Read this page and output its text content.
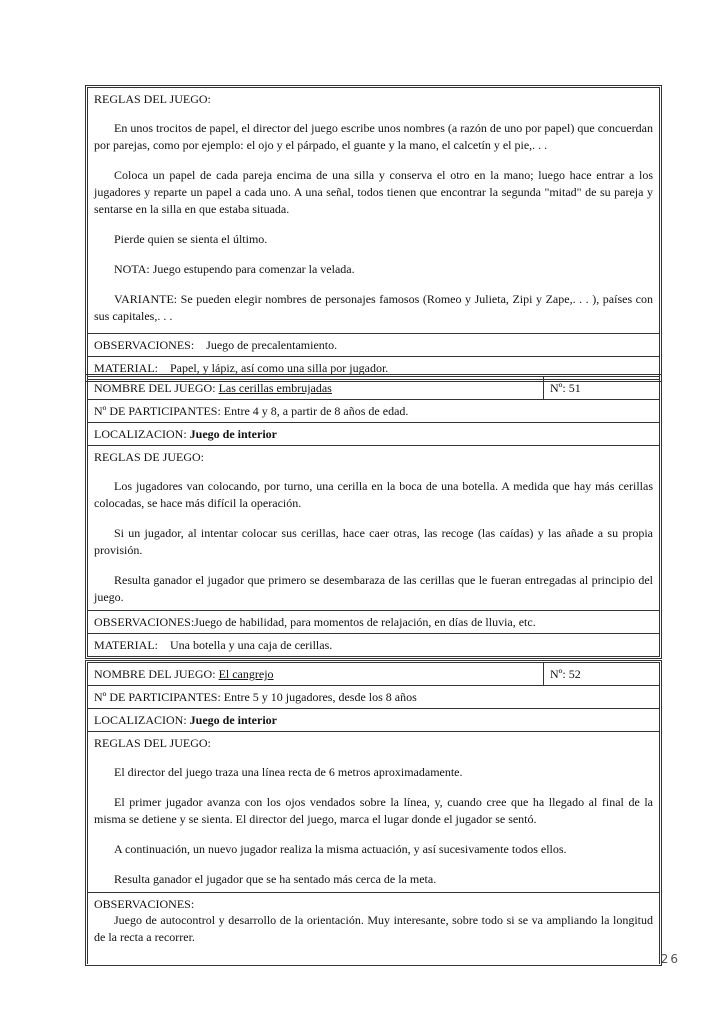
REGLAS DEL JUEGO:

En unos trocitos de papel, el director del juego escribe unos nombres (a razón de uno por papel) que concuerdan por parejas, como por ejemplo: el ojo y el párpado, el guante y la mano, el calcetín y el pie,. . .

Coloca un papel de cada pareja encima de una silla y conserva el otro en la mano; luego hace entrar a los jugadores y reparte un papel a cada uno. A una señal, todos tienen que encontrar la segunda "mitad" de su pareja y sentarse en la silla en que estaba situada.

Pierde quien se sienta el último.

NOTA: Juego estupendo para comenzar la velada.

VARIANTE: Se pueden elegir nombres de personajes famosos (Romeo y Julieta, Zipi y Zape,. . . ), países con sus capitales,. . .

OBSERVACIONES: Juego de precalentamiento.
MATERIAL: Papel, y lápiz, así como una silla por jugador.
NOMBRE DEL JUEGO: Las cerillas embrujadas	Nº: 51
Nº DE PARTICIPANTES: Entre 4 y 8, a partir de 8 años de edad.
LOCALIZACION: Juego de interior
REGLAS DE JUEGO:

Los jugadores van colocando, por turno, una cerilla en la boca de una botella. A medida que hay más cerillas colocadas, se hace más difícil la operación.

Si un jugador, al intentar colocar sus cerillas, hace caer otras, las recoge (las caídas) y las añade a su propia provisión.

Resulta ganador el jugador que primero se desembaraza de las cerillas que le fueran entregadas al principio del juego.

OBSERVACIONES:Juego de habilidad, para momentos de relajación, en días de lluvia, etc.
MATERIAL: Una botella y una caja de cerillas.
NOMBRE DEL JUEGO: El cangrejo	Nº: 52
Nº DE PARTICIPANTES: Entre 5 y 10 jugadores, desde los 8 años
LOCALIZACION: Juego de interior
REGLAS DEL JUEGO:

El director del juego traza una línea recta de 6 metros aproximadamente.

El primer jugador avanza con los ojos vendados sobre la línea, y, cuando cree que ha llegado al final de la misma se detiene y se sienta. El director del juego, marca el lugar donde el jugador se sentó.

A continuación, un nuevo jugador realiza la misma actuación, y así sucesivamente todos ellos.

Resulta ganador el jugador que se ha sentado más cerca de la meta.

OBSERVACIONES:

Juego de autocontrol y desarrollo de la orientación. Muy interesante, sobre todo si se va ampliando la longitud de la recta a recorrer.

26
